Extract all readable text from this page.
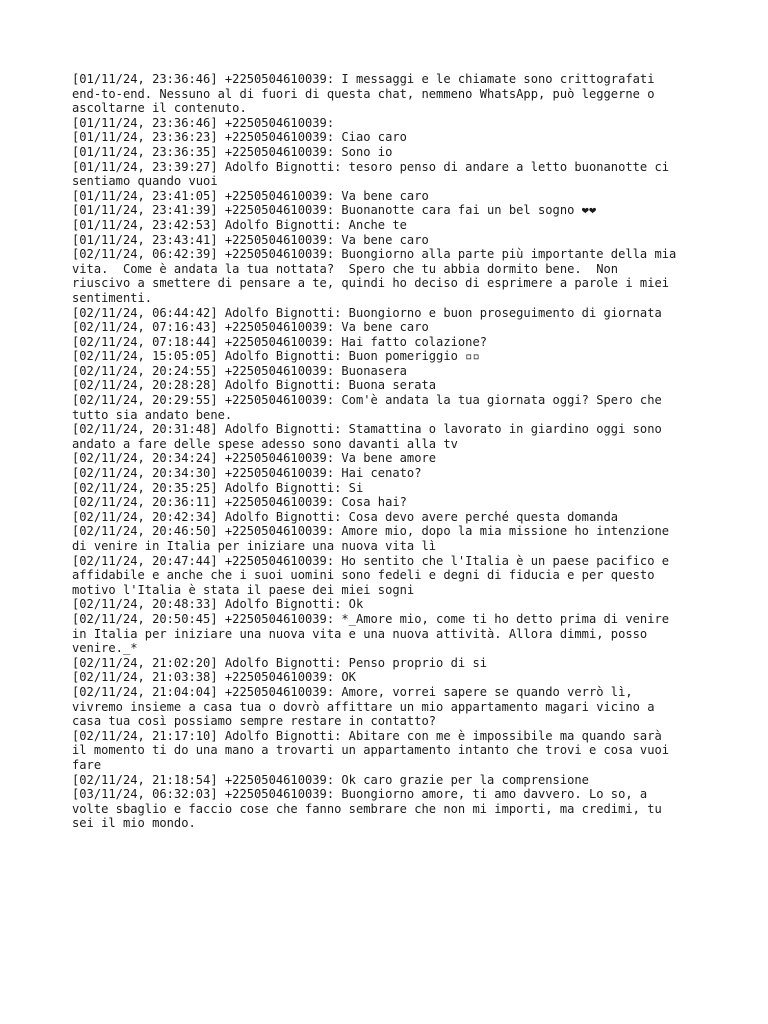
[01/11/24, 23:36:46] +2250504610039: I messaggi e le chiamate sono crittografati
end-to-end. Nessuno al di fuori di questa chat, nemmeno WhatsApp, può leggerne o
ascoltarne il contenuto.
[01/11/24, 23:36:46] +2250504610039:
[01/11/24, 23:36:23] +2250504610039: Ciao caro
[01/11/24, 23:36:35] +2250504610039: Sono io
[01/11/24, 23:39:27] Adolfo Bignotti: tesoro penso di andare a letto buonanotte ci
sentiamo quando vuoi
[01/11/24, 23:41:05] +2250504610039: Va bene caro
[01/11/24, 23:41:39] +2250504610039: Buonanotte cara fai un bel sogno ❤❤
[01/11/24, 23:42:53] Adolfo Bignotti: Anche te
[01/11/24, 23:43:41] +2250504610039: Va bene caro
[02/11/24, 06:42:39] +2250504610039: Buongiorno alla parte più importante della mia
vita.  Come è andata la tua nottata?  Spero che tu abbia dormito bene.  Non
riuscivo a smettere di pensare a te, quindi ho deciso di esprimere a parole i miei
sentimenti.
[02/11/24, 06:44:42] Adolfo Bignotti: Buongiorno e buon proseguimento di giornata
[02/11/24, 07:16:43] +2250504610039: Va bene caro
[02/11/24, 07:18:44] +2250504610039: Hai fatto colazione?
[02/11/24, 15:05:05] Adolfo Bignotti: Buon pomeriggio ▫▫
[02/11/24, 20:24:55] +2250504610039: Buonasera
[02/11/24, 20:28:28] Adolfo Bignotti: Buona serata
[02/11/24, 20:29:55] +2250504610039: Com'è andata la tua giornata oggi? Spero che
tutto sia andato bene.
[02/11/24, 20:31:48] Adolfo Bignotti: Stamattina o lavorato in giardino oggi sono
andato a fare delle spese adesso sono davanti alla tv
[02/11/24, 20:34:24] +2250504610039: Va bene amore
[02/11/24, 20:34:30] +2250504610039: Hai cenato?
[02/11/24, 20:35:25] Adolfo Bignotti: Si
[02/11/24, 20:36:11] +2250504610039: Cosa hai?
[02/11/24, 20:42:34] Adolfo Bignotti: Cosa devo avere perché questa domanda
[02/11/24, 20:46:50] +2250504610039: Amore mio, dopo la mia missione ho intenzione
di venire in Italia per iniziare una nuova vita lì
[02/11/24, 20:47:44] +2250504610039: Ho sentito che l'Italia è un paese pacifico e
affidabile e anche che i suoi uomini sono fedeli e degni di fiducia e per questo
motivo l'Italia è stata il paese dei miei sogni
[02/11/24, 20:48:33] Adolfo Bignotti: Ok
[02/11/24, 20:50:45] +2250504610039: *_Amore mio, come ti ho detto prima di venire
in Italia per iniziare una nuova vita e una nuova attività. Allora dimmi, posso
venire._*
[02/11/24, 21:02:20] Adolfo Bignotti: Penso proprio di si
[02/11/24, 21:03:38] +2250504610039: OK
[02/11/24, 21:04:04] +2250504610039: Amore, vorrei sapere se quando verrò lì,
vivremo insieme a casa tua o dovrò affittare un mio appartamento magari vicino a
casa tua così possiamo sempre restare in contatto?
[02/11/24, 21:17:10] Adolfo Bignotti: Abitare con me è impossibile ma quando sarà
il momento ti do una mano a trovarti un appartamento intanto che trovi e cosa vuoi
fare
[02/11/24, 21:18:54] +2250504610039: Ok caro grazie per la comprensione
[03/11/24, 06:32:03] +2250504610039: Buongiorno amore, ti amo davvero. Lo so, a
volte sbaglio e faccio cose che fanno sembrare che non mi importi, ma credimi, tu
sei il mio mondo.
